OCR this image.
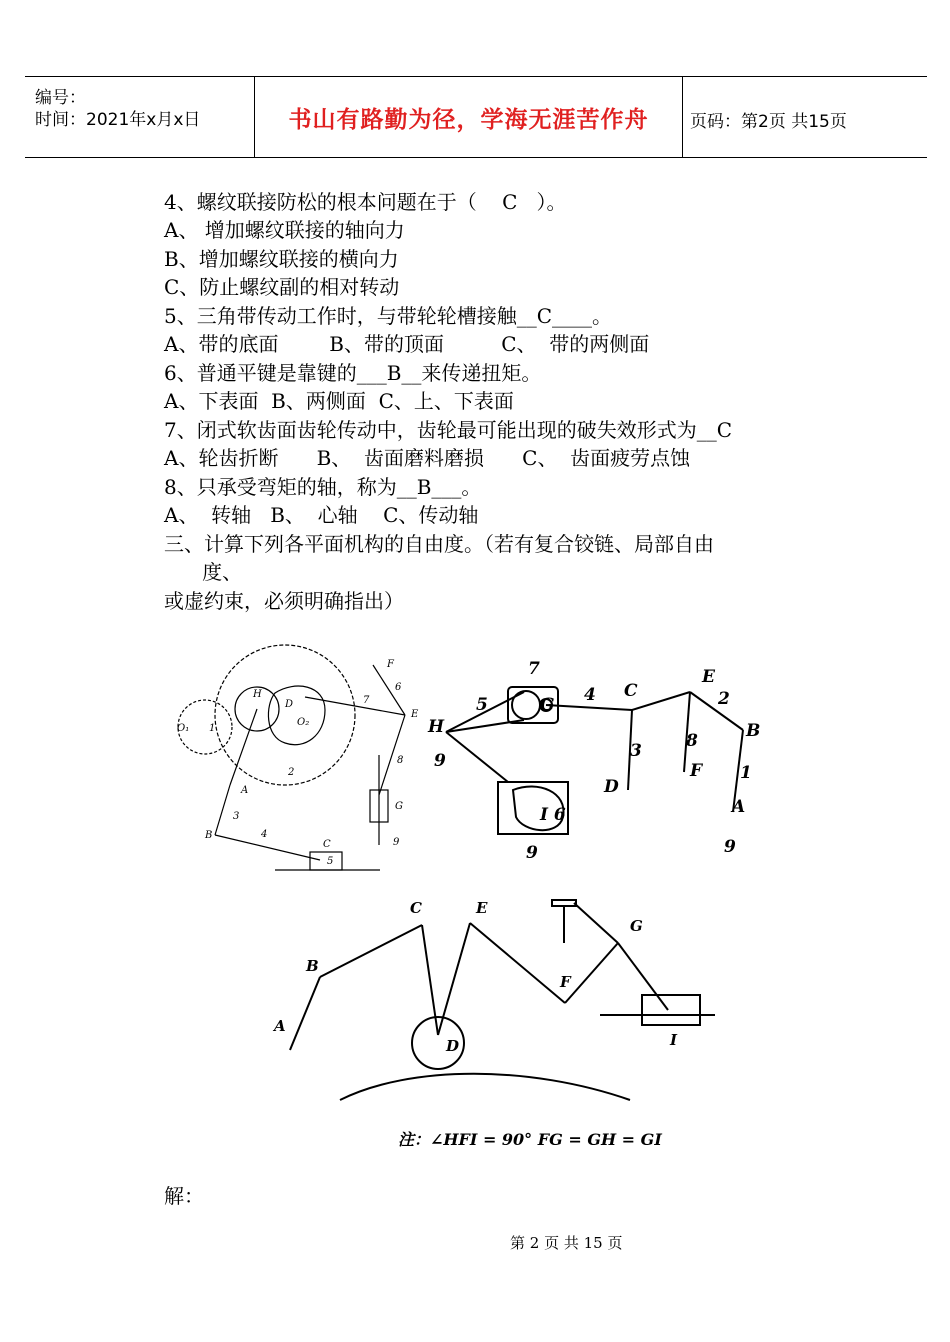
编号：
时间：2021年x月x日	书山有路勤为径，学海无涯苦作舟	页码：第2页 共15页
4、螺纹联接防松的根本问题在于（    C   ）。
A、 增加螺纹联接的轴向力
B、增加螺纹联接的横向力
C、防止螺纹副的相对转动
5、三角带传动工作时，与带轮轮槽接触__C____。
A、带的底面        B、带的顶面         C、  带的两侧面
6、普通平键是靠键的___B__来传递扭矩。
A、下表面  B、两侧面  C、上、下表面
7、闭式软齿面齿轮传动中，齿轮最可能出现的破失效形式为__C
A、轮齿折断      B、  齿面磨料磨损      C、  齿面疲劳点蚀
8、只承受弯矩的轴，称为__B___。
A、  转轴   B、  心轴    C、传动轴
三、计算下列各平面机构的自由度。（若有复合铰链、局部自由
度、
或虚约束，必须明确指出）
O₁ 1
H
D
O₂
2
7
F
6
E
8
A
3
B	4
C
5
G
9
7
5
H
G 4 C
E
2
B
9	3	8
D
F 1
I 6
9
A
9
C	E
G
B
F
A
D	I
注：∠HFI = 90° FG = GH = GI
解：
第 2 页 共 15 页
